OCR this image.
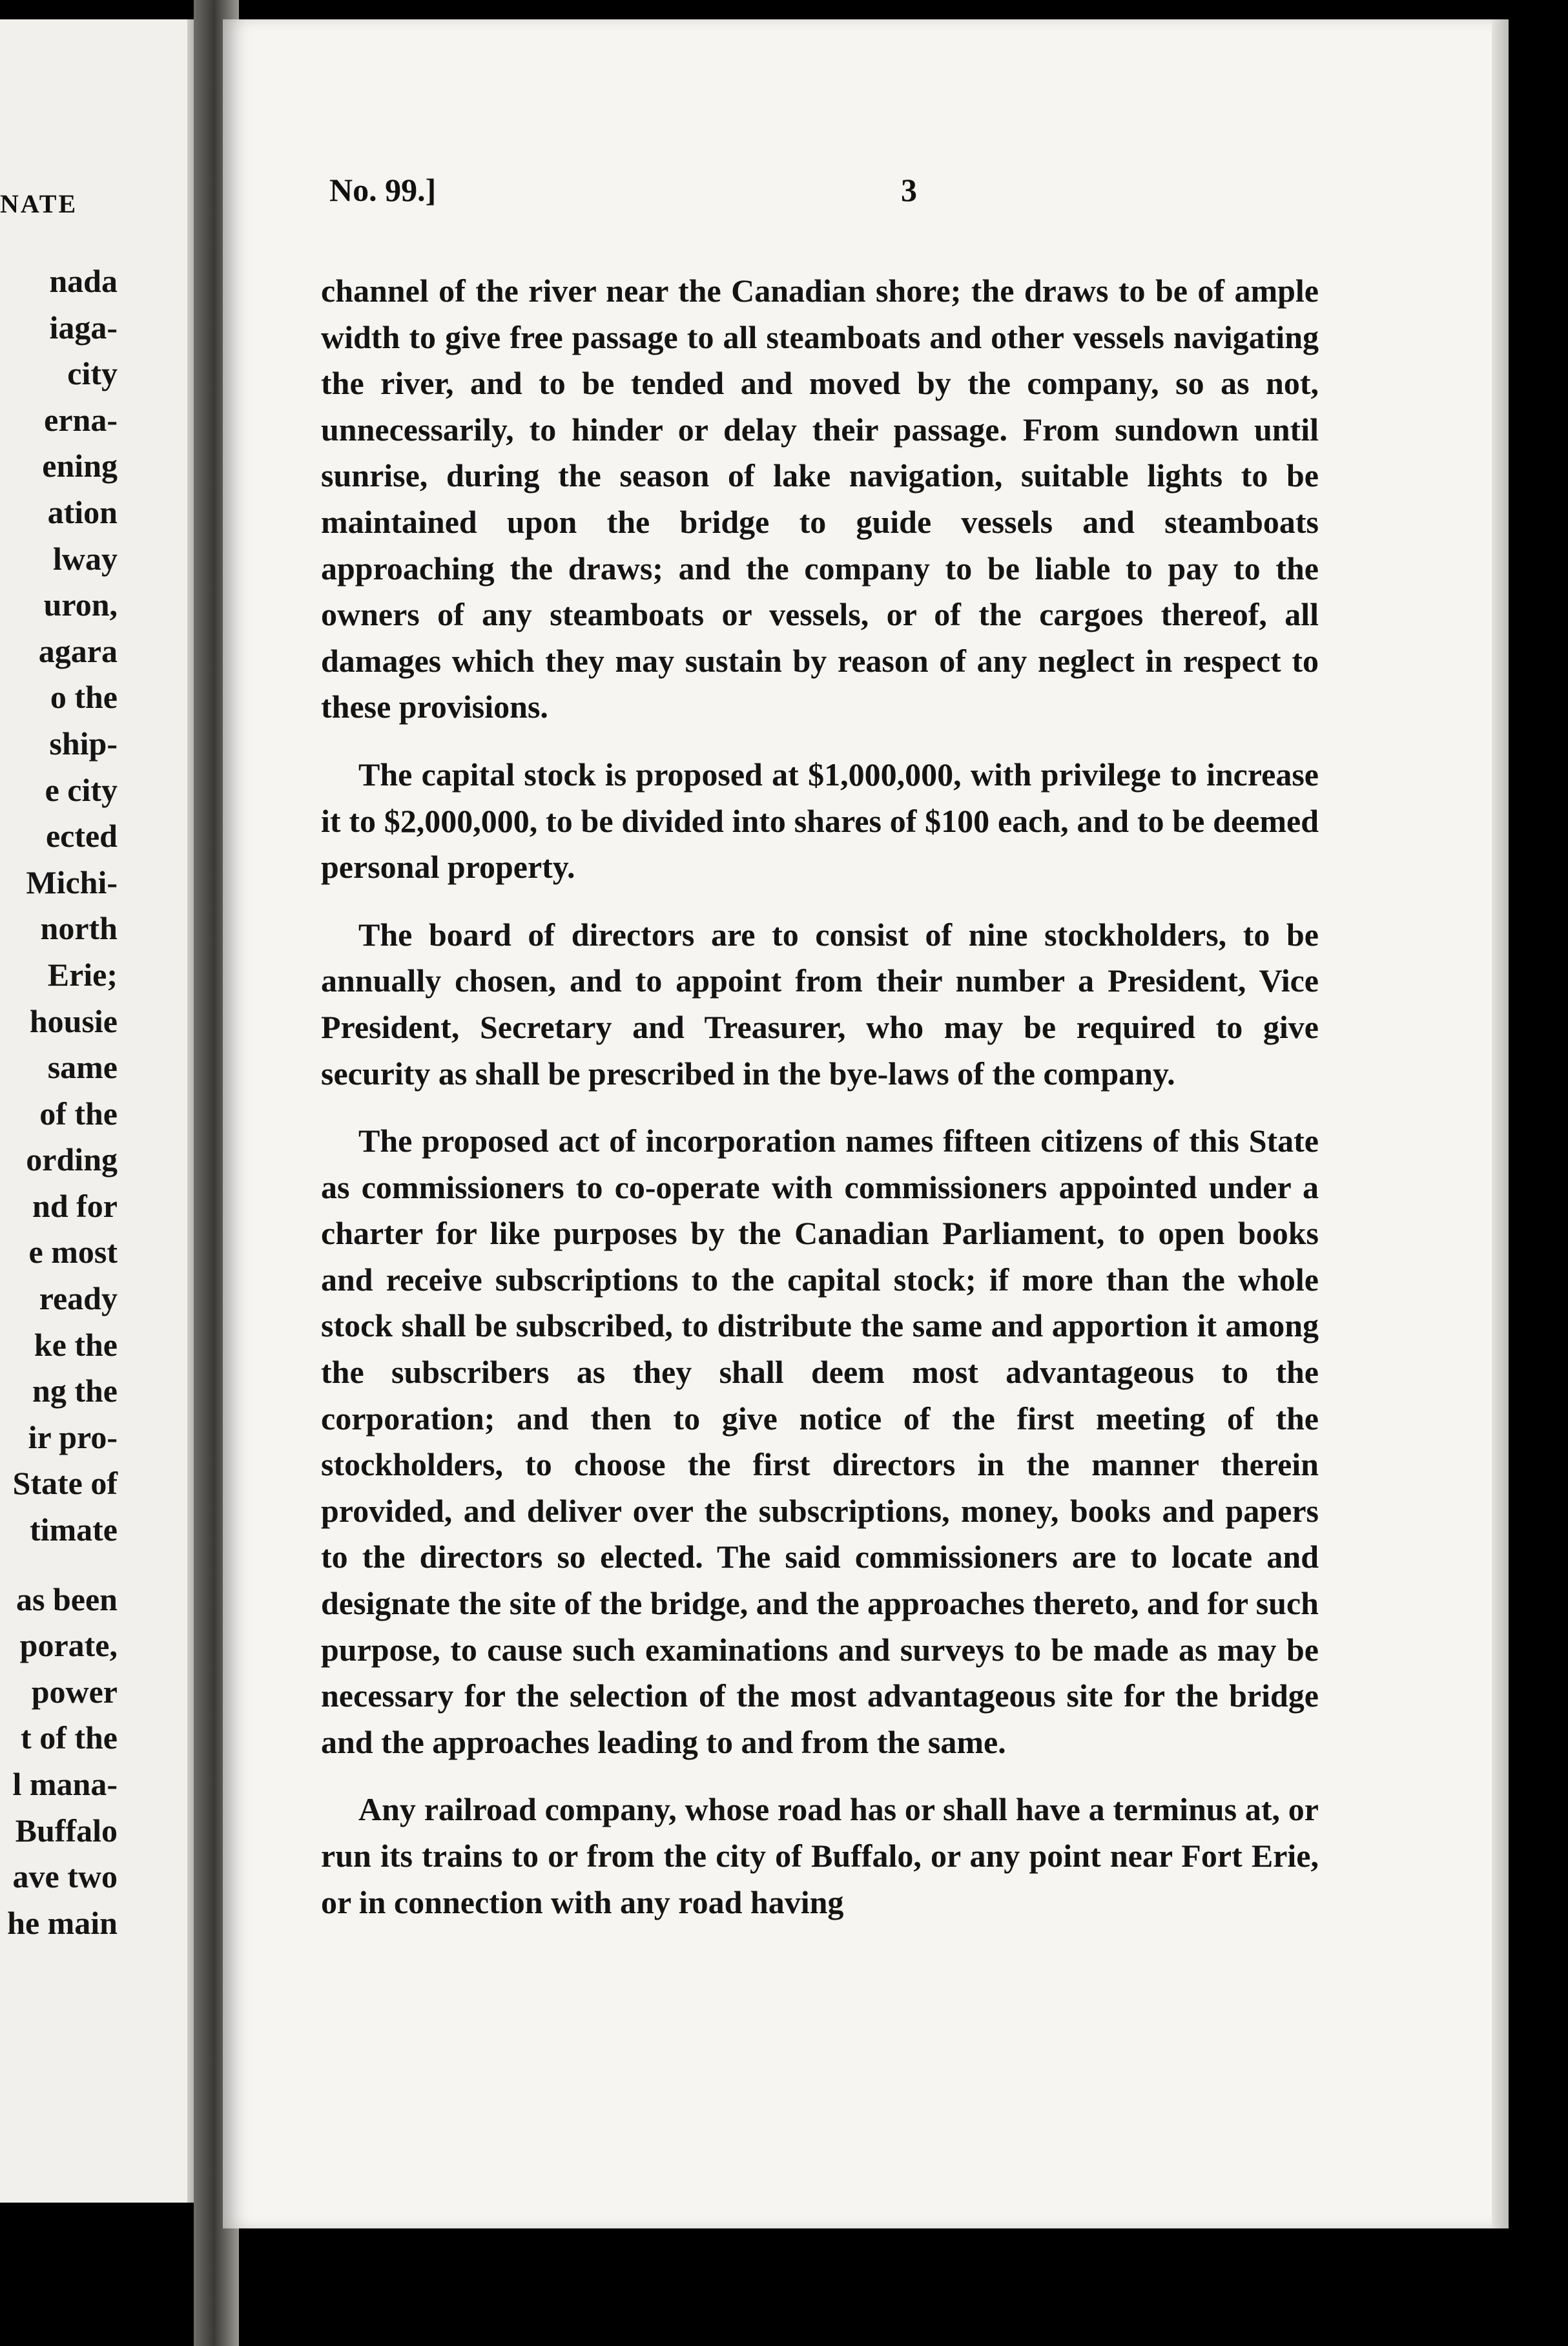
NATE
nada
iaga-
city
erna-
ening
ation
lway
uron,
agara
o the
ship-
e city
ected
Michi-
north
Erie;
housie
same
of the
ording
nd for
e most
ready
ke the
ng the
ir pro-
State of
timate
as been
porate,
power
t of the
l mana-
Buffalo
ave two
he main
No. 99.]	3

channel of the river near the Canadian shore; the draws to be of ample width to give free passage to all steamboats and other vessels navigating the river, and to be tended and moved by the company, so as not, unnecessarily, to hinder or delay their passage. From sundown until sunrise, during the season of lake navigation, suitable lights to be maintained upon the bridge to guide vessels and steamboats approaching the draws; and the company to be liable to pay to the owners of any steamboats or vessels, or of the cargoes thereof, all damages which they may sustain by reason of any neglect in respect to these provisions.

The capital stock is proposed at $1,000,000, with privilege to increase it to $2,000,000, to be divided into shares of $100 each, and to be deemed personal property.

The board of directors are to consist of nine stockholders, to be annually chosen, and to appoint from their number a President, Vice President, Secretary and Treasurer, who may be required to give security as shall be prescribed in the bye-laws of the company.

The proposed act of incorporation names fifteen citizens of this State as commissioners to co-operate with commissioners appointed under a charter for like purposes by the Canadian Parliament, to open books and receive subscriptions to the capital stock; if more than the whole stock shall be subscribed, to distribute the same and apportion it among the subscribers as they shall deem most advantageous to the corporation; and then to give notice of the first meeting of the stockholders, to choose the first directors in the manner therein provided, and deliver over the subscriptions, money, books and papers to the directors so elected. The said commissioners are to locate and designate the site of the bridge, and the approaches thereto, and for such purpose, to cause such examinations and surveys to be made as may be necessary for the selection of the most advantageous site for the bridge and the approaches leading to and from the same.

Any railroad company, whose road has or shall have a terminus at, or run its trains to or from the city of Buffalo, or any point near Fort Erie, or in connection with any road having
